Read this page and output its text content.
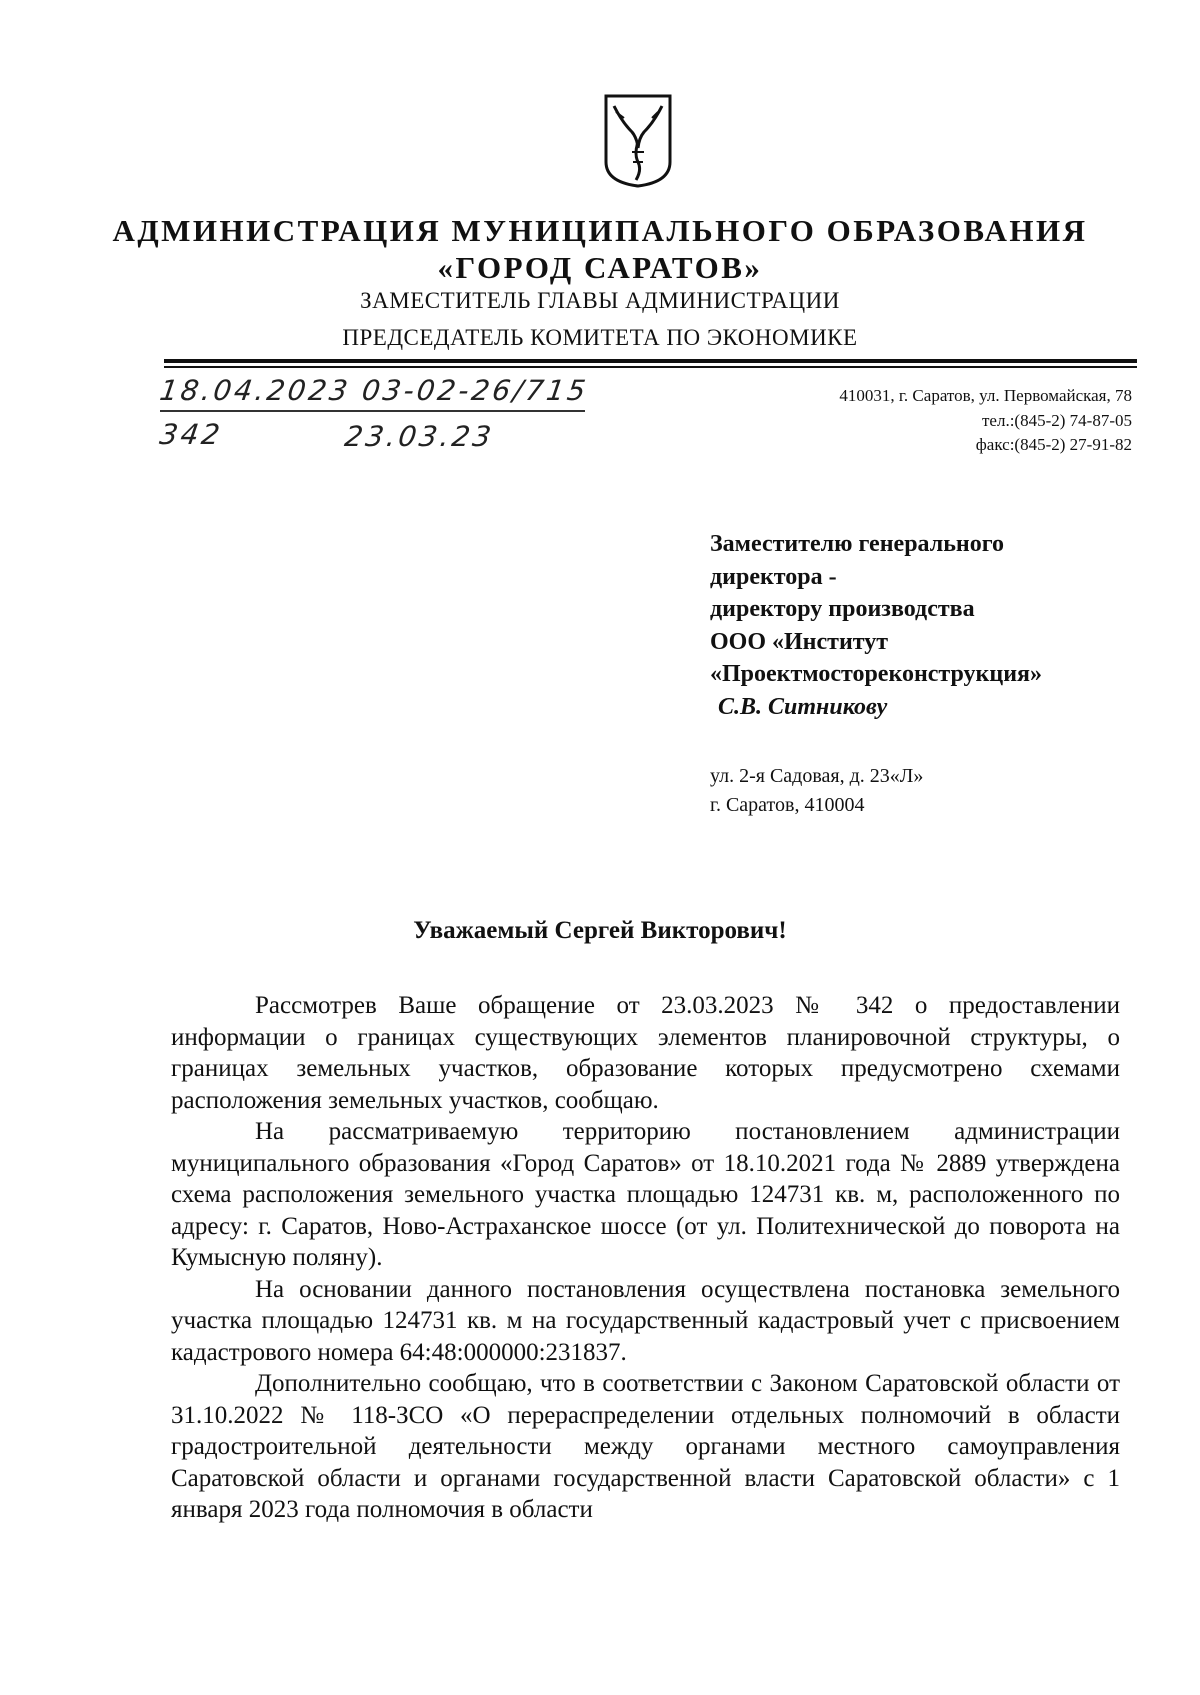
АДМИНИСТРАЦИЯ МУНИЦИПАЛЬНОГО ОБРАЗОВАНИЯ
«ГОРОД САРАТОВ»
ЗАМЕСТИТЕЛЬ ГЛАВЫ АДМИНИСТРАЦИИ
ПРЕДСЕДАТЕЛЬ КОМИТЕТА ПО ЭКОНОМИКЕ
18.04.2023 03-02-26/715
342	23.03.23
410031, г. Саратов, ул. Первомайская, 78
тел.:(845-2) 74-87-05
факс:(845-2) 27-91-82
Заместителю генерального
директора -
директору производства
ООО «Институт
«Проектмостореконструкция»
С.В. Ситникову
ул. 2-я Садовая, д. 23«Л»
г. Саратов, 410004
Уважаемый Сергей Викторович!

Рассмотрев Ваше обращение от 23.03.2023 № 342 о предоставлении информации о границах существующих элементов планировочной структуры, о границах земельных участков, образование которых предусмотрено схемами расположения земельных участков, сообщаю.

На рассматриваемую территорию постановлением администрации муниципального образования «Город Саратов» от 18.10.2021 года № 2889 утверждена схема расположения земельного участка площадью 124731 кв. м, расположенного по адресу: г. Саратов, Ново-Астраханское шоссе (от ул. Политехнической до поворота на Кумысную поляну).

На основании данного постановления осуществлена постановка земельного участка площадью 124731 кв. м на государственный кадастровый учет с присвоением кадастрового номера 64:48:000000:231837.

Дополнительно сообщаю, что в соответствии с Законом Саратовской области от 31.10.2022 № 118-ЗСО «О перераспределении отдельных полномочий в области градостроительной деятельности между органами местного самоуправления Саратовской области и органами государственной власти Саратовской области» с 1 января 2023 года полномочия в области
